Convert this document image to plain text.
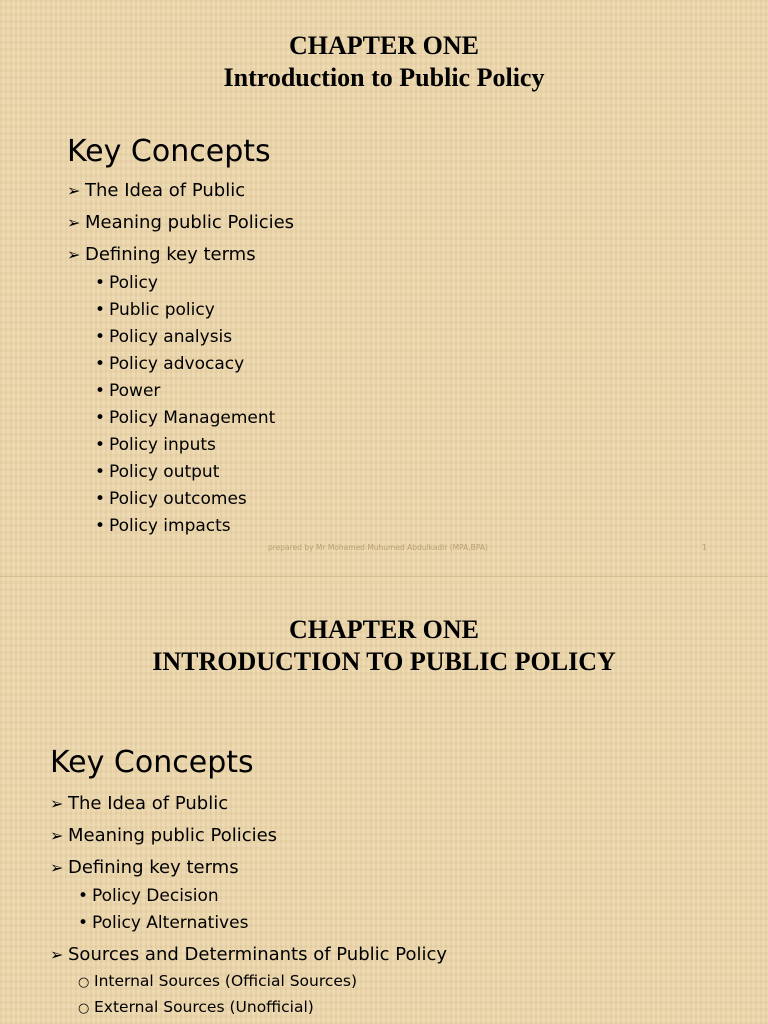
CHAPTER ONE
Introduction to Public Policy
Key Concepts
➢ The Idea of Public
➢ Meaning public Policies
➢ Defining key terms
• Policy
• Public policy
• Policy analysis
• Policy advocacy
• Power
• Policy Management
• Policy inputs
• Policy output
• Policy outcomes
• Policy impacts
prepared by Mr Mohamed Muhumed Abdulkadir (MPA,BPA)	1
CHAPTER ONE
INTRODUCTION TO PUBLIC POLICY
Key Concepts
➢ The Idea of Public
➢ Meaning public Policies
➢ Defining key terms
• Policy Decision
• Policy Alternatives
➢ Sources and Determinants of Public Policy
○ Internal Sources (Official Sources)
○ External Sources (Unofficial)
